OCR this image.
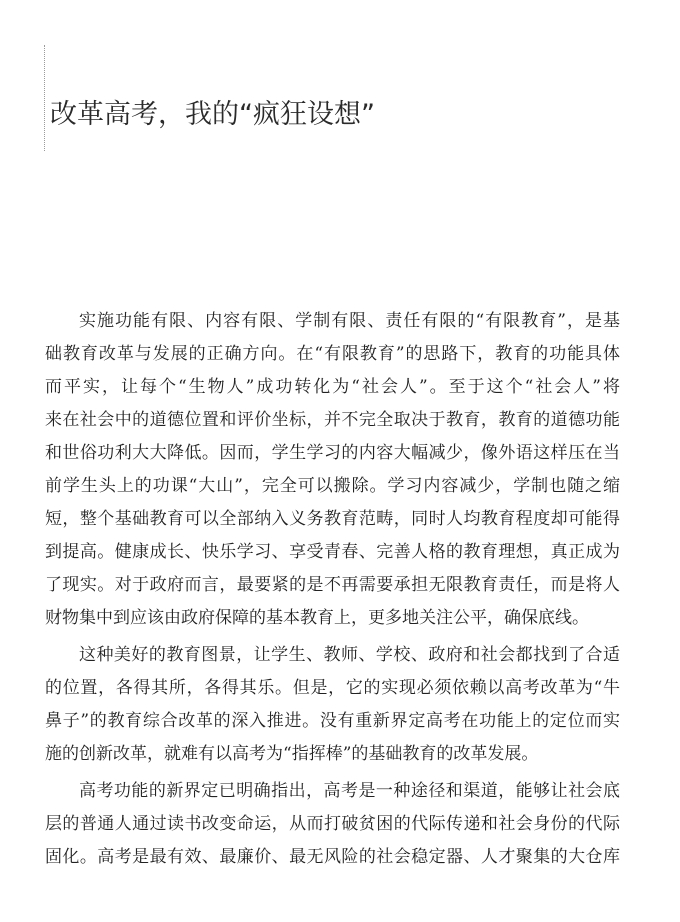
改革高考，我的“疯狂设想”
实施功能有限、内容有限、学制有限、责任有限的“有限教育”，是基
础教育改革与发展的正确方向。在“有限教育”的思路下，教育的功能具体
而平实，让每个“生物人”成功转化为“社会人”。至于这个“社会人”将
来在社会中的道德位置和评价坐标，并不完全取决于教育，教育的道德功能
和世俗功利大大降低。因而，学生学习的内容大幅减少，像外语这样压在当
前学生头上的功课“大山”，完全可以搬除。学习内容减少，学制也随之缩
短，整个基础教育可以全部纳入义务教育范畴，同时人均教育程度却可能得
到提高。健康成长、快乐学习、享受青春、完善人格的教育理想，真正成为
了现实。对于政府而言，最要紧的是不再需要承担无限教育责任，而是将人
财物集中到应该由政府保障的基本教育上，更多地关注公平，确保底线。
这种美好的教育图景，让学生、教师、学校、政府和社会都找到了合适
的位置，各得其所，各得其乐。但是，它的实现必须依赖以高考改革为“牛
鼻子”的教育综合改革的深入推进。没有重新界定高考在功能上的定位而实
施的创新改革，就难有以高考为“指挥棒”的基础教育的改革发展。
高考功能的新界定已明确指出，高考是一种途径和渠道，能够让社会底
层的普通人通过读书改变命运，从而打破贫困的代际传递和社会身份的代际
固化。高考是最有效、最廉价、最无风险的社会稳定器、人才聚集的大仓库
